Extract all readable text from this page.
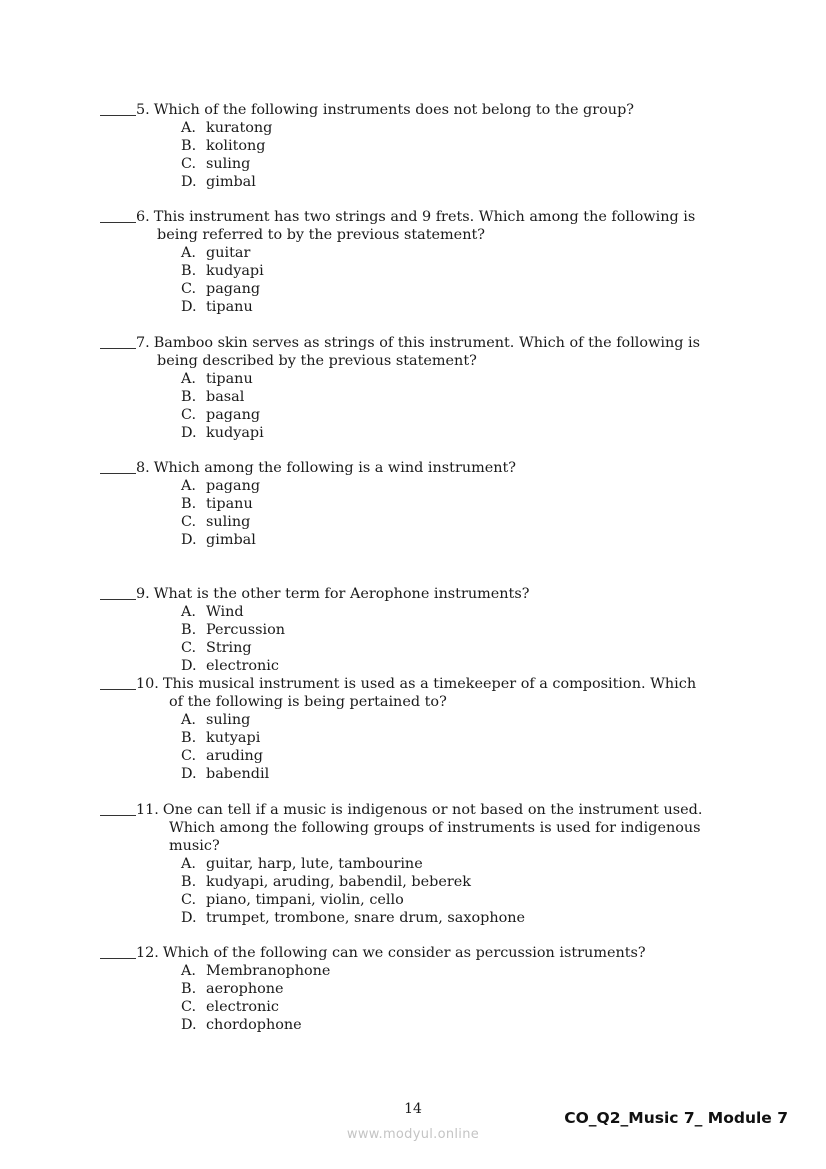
5. Which of the following instruments does not belong to the group?
A. kuratong
B. kolitong
C. suling
D. gimbal
6. This instrument has two strings and 9 frets. Which among the following is
being referred to by the previous statement?
A. guitar
B. kudyapi
C. pagang
D. tipanu
7. Bamboo skin serves as strings of this instrument. Which of the following is
being described by the previous statement?
A. tipanu
B. basal
C. pagang
D. kudyapi
8. Which among the following is a wind instrument?
A. pagang
B. tipanu
C. suling
D. gimbal
9. What is the other term for Aerophone instruments?
A. Wind
B. Percussion
C. String
D. electronic
10. This musical instrument is used as a timekeeper of a composition. Which
of the following is being pertained to?
A. suling
B. kutyapi
C. aruding
D. babendil
11. One can tell if a music is indigenous or not based on the instrument used.
Which among the following groups of instruments is used for indigenous
music?
A. guitar, harp, lute, tambourine
B. kudyapi, aruding, babendil, beberek
C. piano, timpani, violin, cello
D. trumpet, trombone, snare drum, saxophone
12. Which of the following can we consider as percussion istruments?
A. Membranophone
B. aerophone
C. electronic
D. chordophone
14	CO_Q2_Music 7_ Module 7
www.modyul.online
